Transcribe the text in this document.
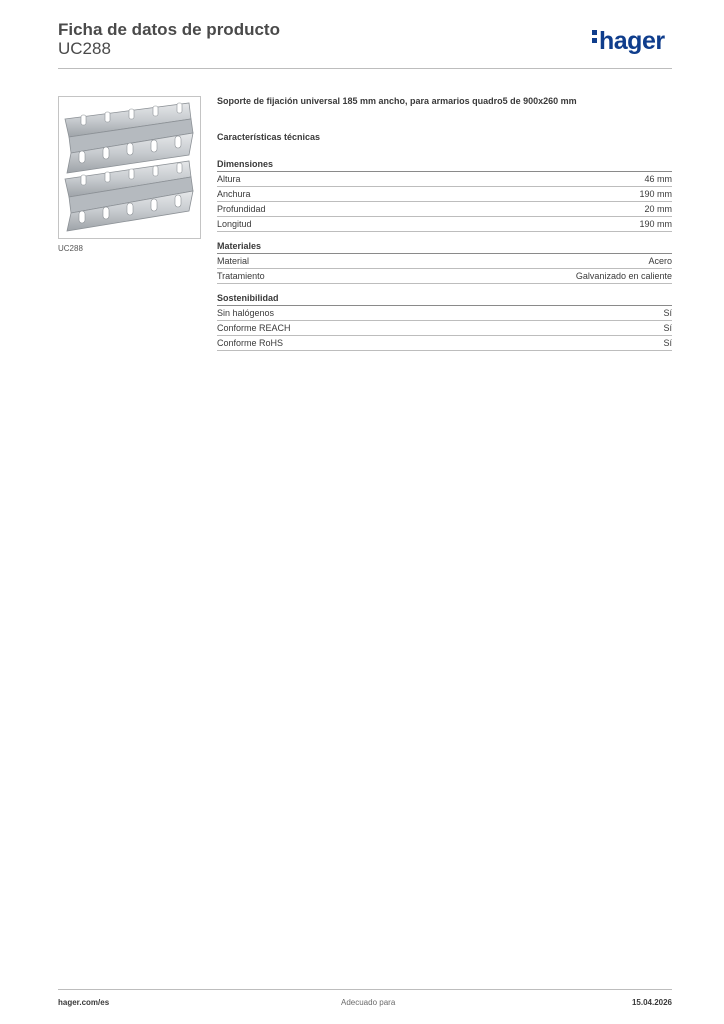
Ficha de datos de producto
UC288	hager
UC288
Soporte de fijación universal 185 mm ancho, para armarios quadro5 de 900x260 mm
Características técnicas
Dimensiones
Altura	46 mm
Anchura	190 mm
Profundidad	20 mm
Longitud	190 mm
Materiales
Material	Acero
Tratamiento	Galvanizado en caliente
Sostenibilidad
Sin halógenos	Sí
Conforme REACH	Sí
Conforme RoHS	Sí
hager.com/es	Adecuado para	15.04.2026
